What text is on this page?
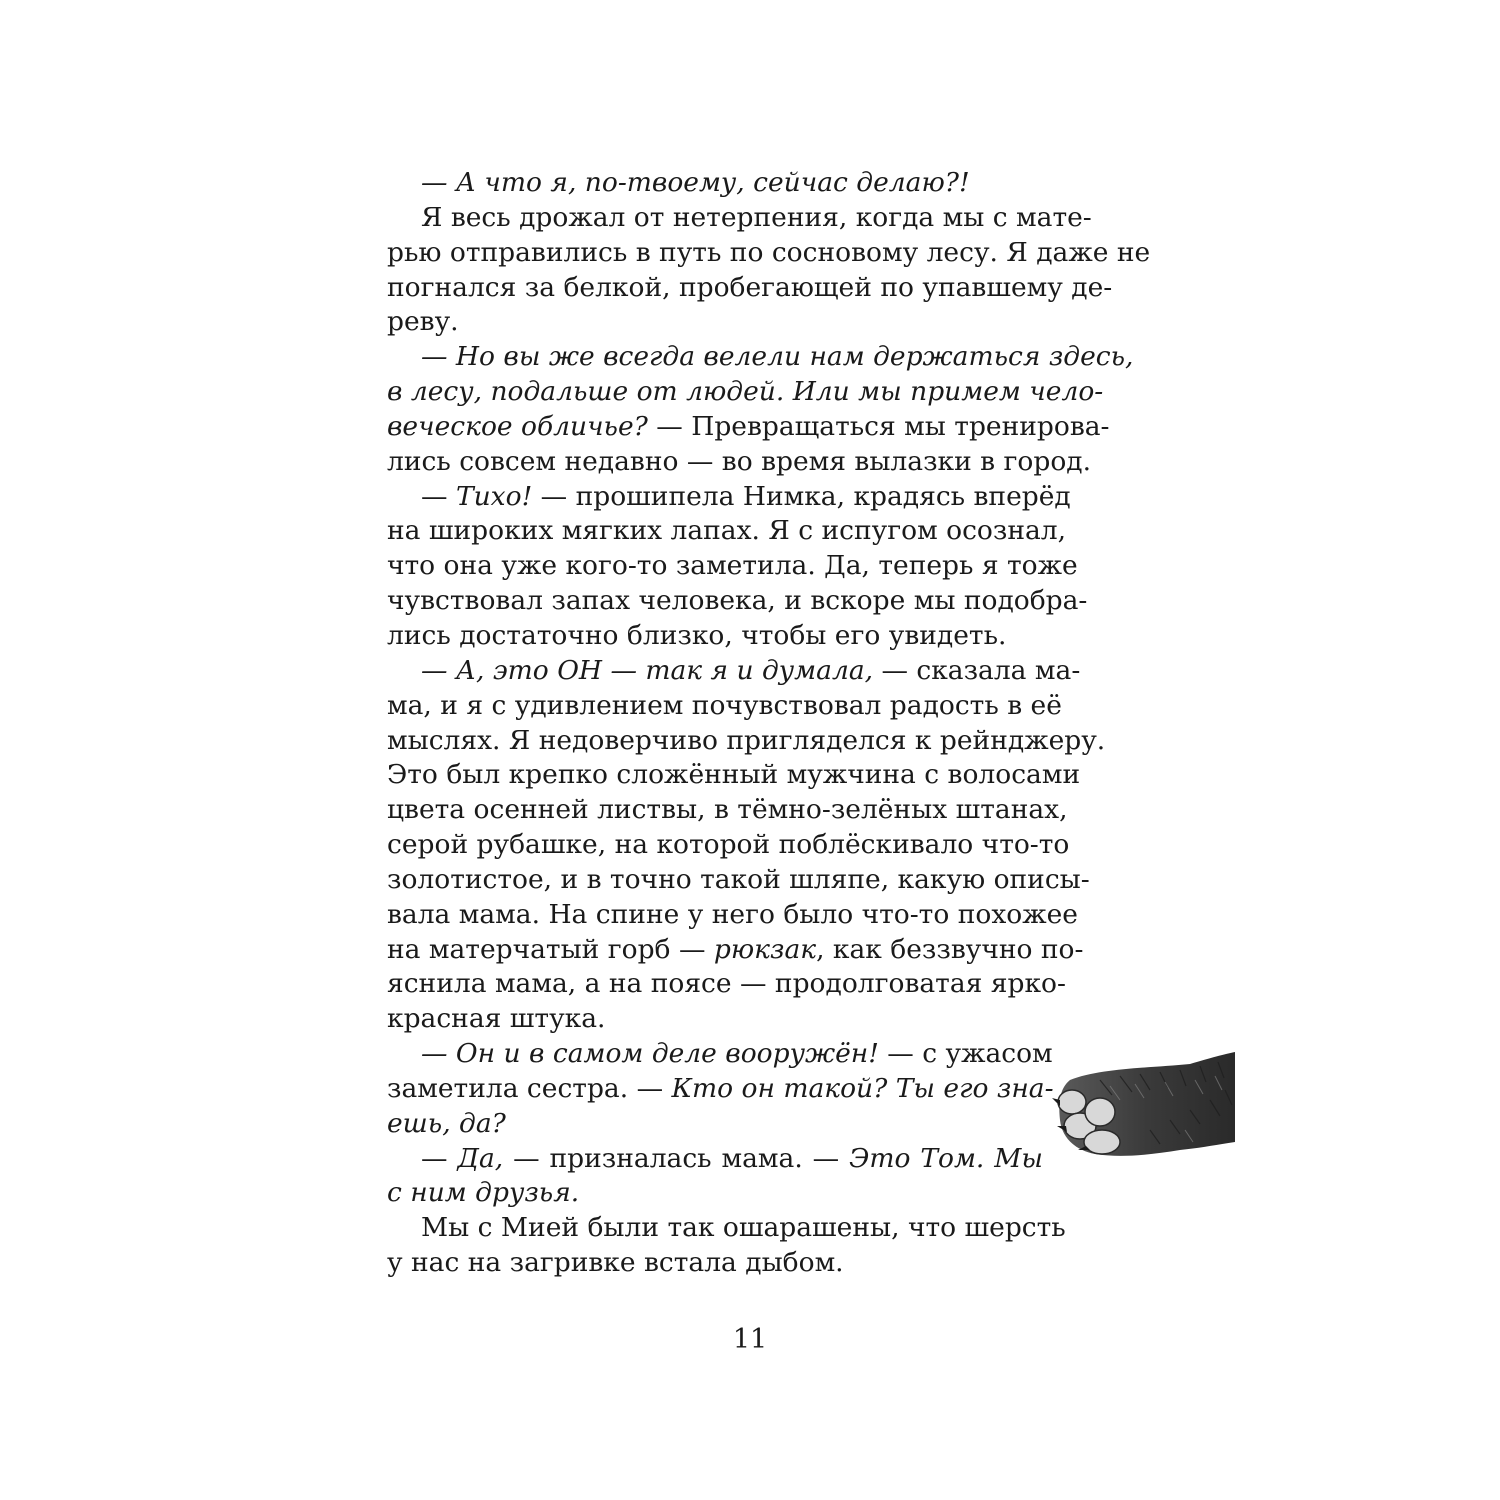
— А что я, по-твоему, сейчас делаю?!
Я весь дрожал от нетерпения, когда мы с мате-
рью отправились в путь по сосновому лесу. Я даже не
погнался за белкой, пробегающей по упавшему де-
реву.
— Но вы же всегда велели нам держаться здесь,
в лесу, подальше от людей. Или мы примем чело-
веческое обличье? — Превращаться мы тренирова-
лись совсем недавно — во время вылазки в город.
— Тихо! — прошипела Нимка, крадясь вперёд
на широких мягких лапах. Я с испугом осознал,
что она уже кого-то заметила. Да, теперь я тоже
чувствовал запах человека, и вскоре мы подобра-
лись достаточно близко, чтобы его увидеть.
— А, это ОН — так я и думала, — сказала ма-
ма, и я с удивлением почувствовал радость в её
мыслях. Я недоверчиво пригляделся к рейнджеру.
Это был крепко сложённый мужчина с волосами
цвета осенней листвы, в тёмно-зелёных штанах,
серой рубашке, на которой поблёскивало что-то
золотистое, и в точно такой шляпе, какую описы-
вала мама. На спине у него было что-то похожее
на матерчатый горб — рюкзак, как беззвучно по-
яснила мама, а на поясе — продолговатая ярко-
красная штука.
— Он и в самом деле вооружён! — с ужасом
заметила сестра. — Кто он такой? Ты его зна-
ешь, да?
— Да, — призналась мама. — Это Том. Мы
с ним друзья.
Мы с Мией были так ошарашены, что шерсть
у нас на загривке встала дыбом.
11
